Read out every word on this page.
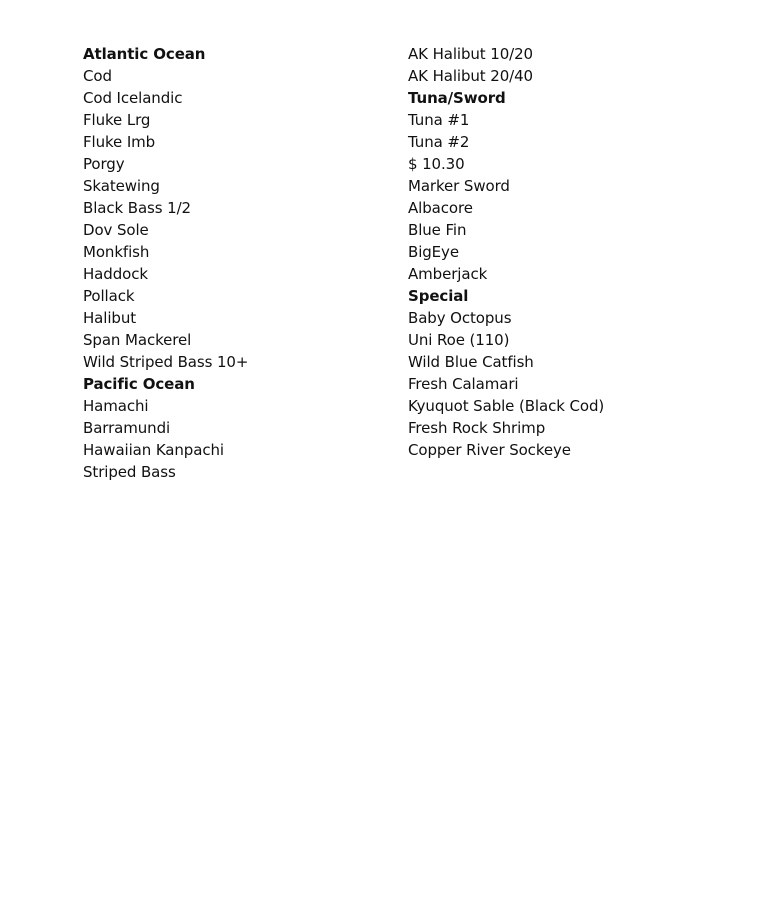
Atlantic Ocean
Cod
Cod Icelandic
Fluke Lrg
Fluke Imb
Porgy
Skatewing
Black Bass 1/2
Dov Sole
Monkfish
Haddock
Pollack
Halibut
Span Mackerel
Wild Striped Bass 10+
Pacific Ocean
Hamachi
Barramundi
Hawaiian Kanpachi
Striped Bass
AK Halibut 10/20
AK Halibut 20/40
Tuna/Sword
Tuna #1
Tuna #2
$ 10.30
Marker Sword
Albacore
Blue Fin
BigEye
Amberjack
Special
Baby Octopus
Uni Roe (110)
Wild Blue Catfish
Fresh Calamari
Kyuquot Sable (Black Cod)
Fresh Rock Shrimp
Copper River Sockeye
